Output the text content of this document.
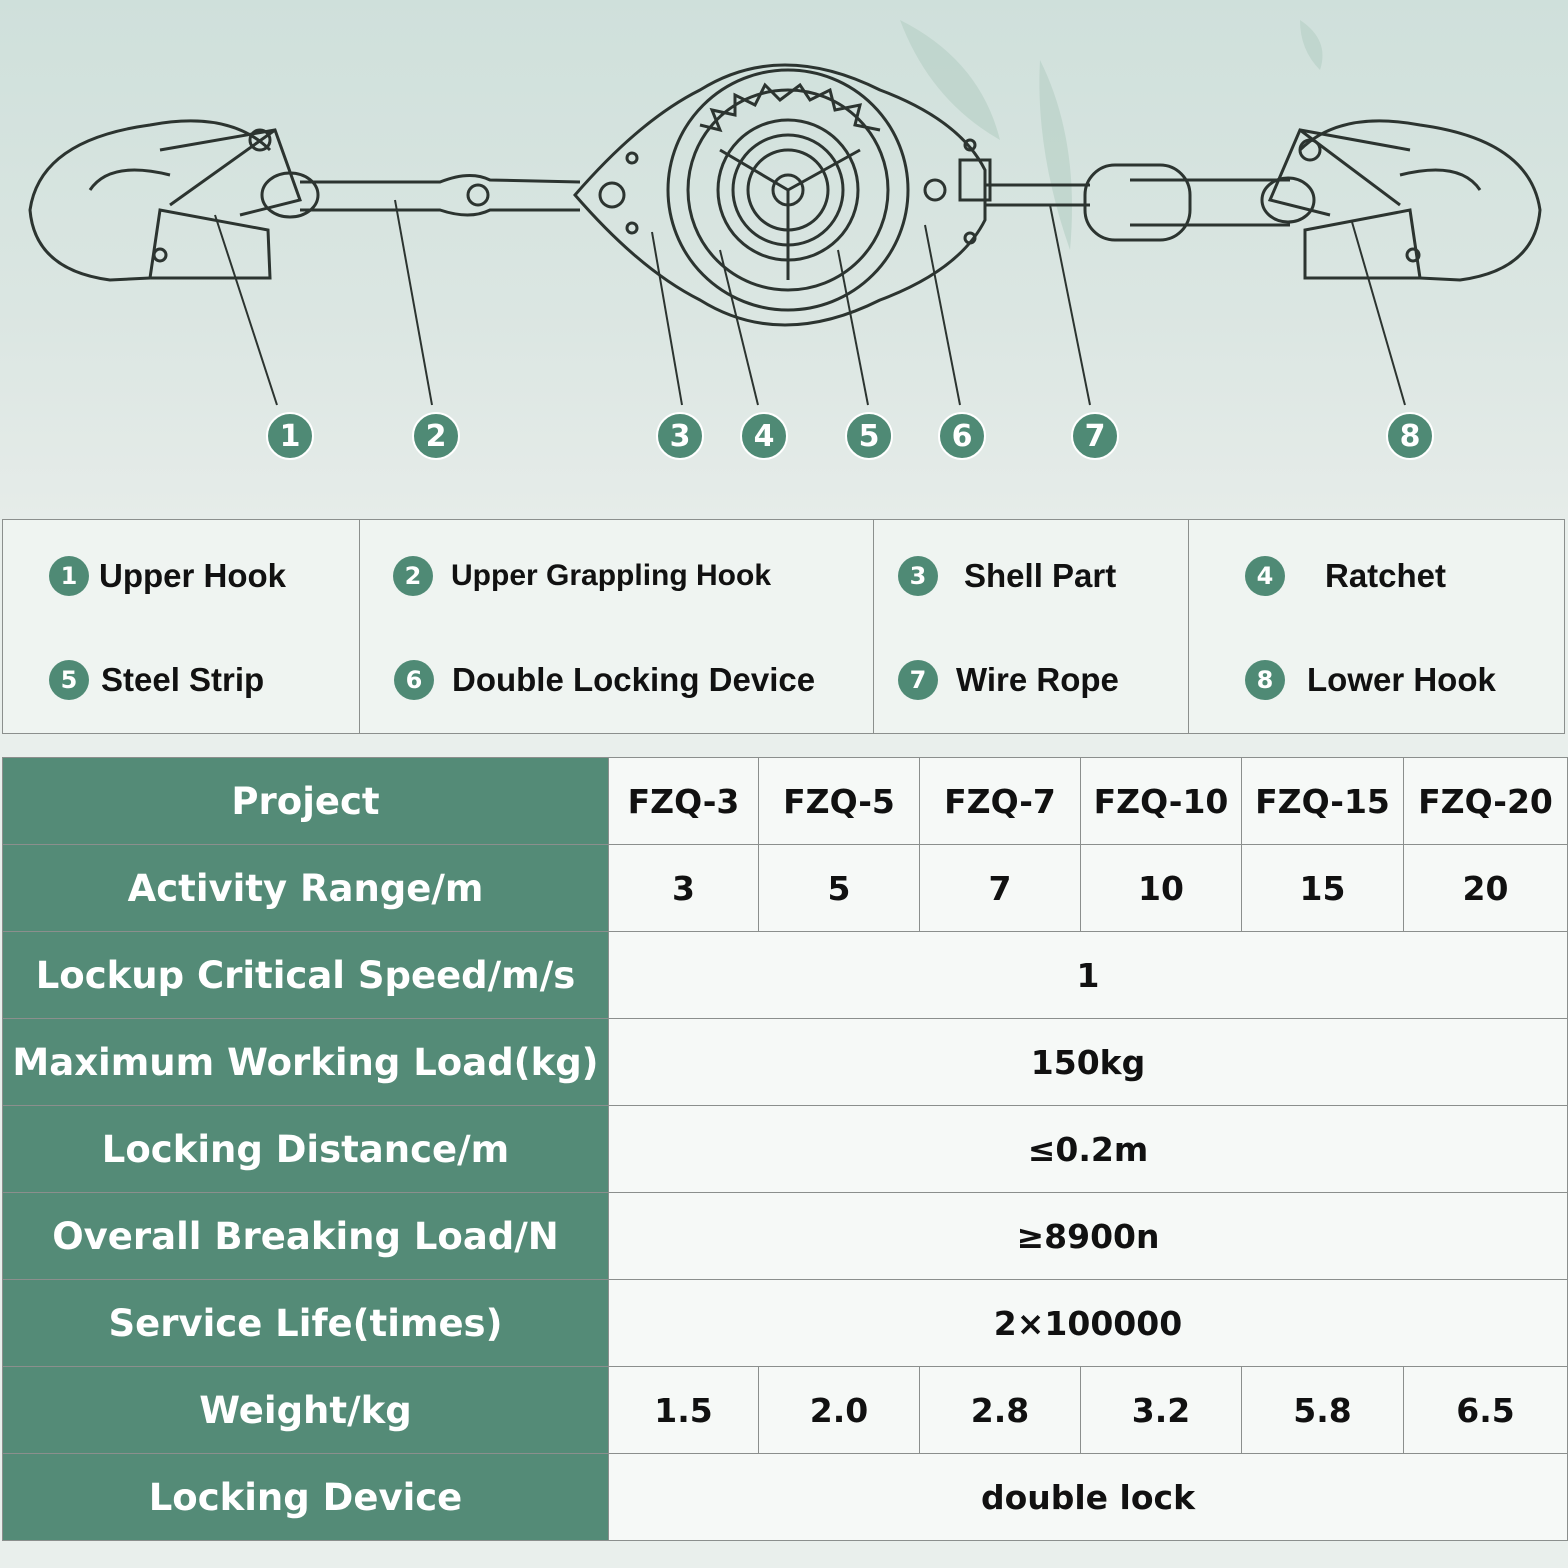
1	2	3	4	5	6	7	8
1 Upper Hook	2 Upper Grappling Hook	3	Shell Part	4	Ratchet
5 Steel Strip	6 Double Locking Device	7 Wire Rope	8	Lower Hook
Project	FZQ-3	FZQ-5	FZQ-7	FZQ-10	FZQ-15	FZQ-20
Activity Range/m	3	5	7	10	15	20
Lockup Critical Speed/m/s	1					
Maximum Working Load(kg)	150kg					
Locking Distance/m	≤0.2m					
Overall Breaking Load/N	≥8900n					
Service Life(times)	2×100000					
Weight/kg	1.5	2.0	2.8	3.2	5.8	6.5
Locking Device	double lock					
